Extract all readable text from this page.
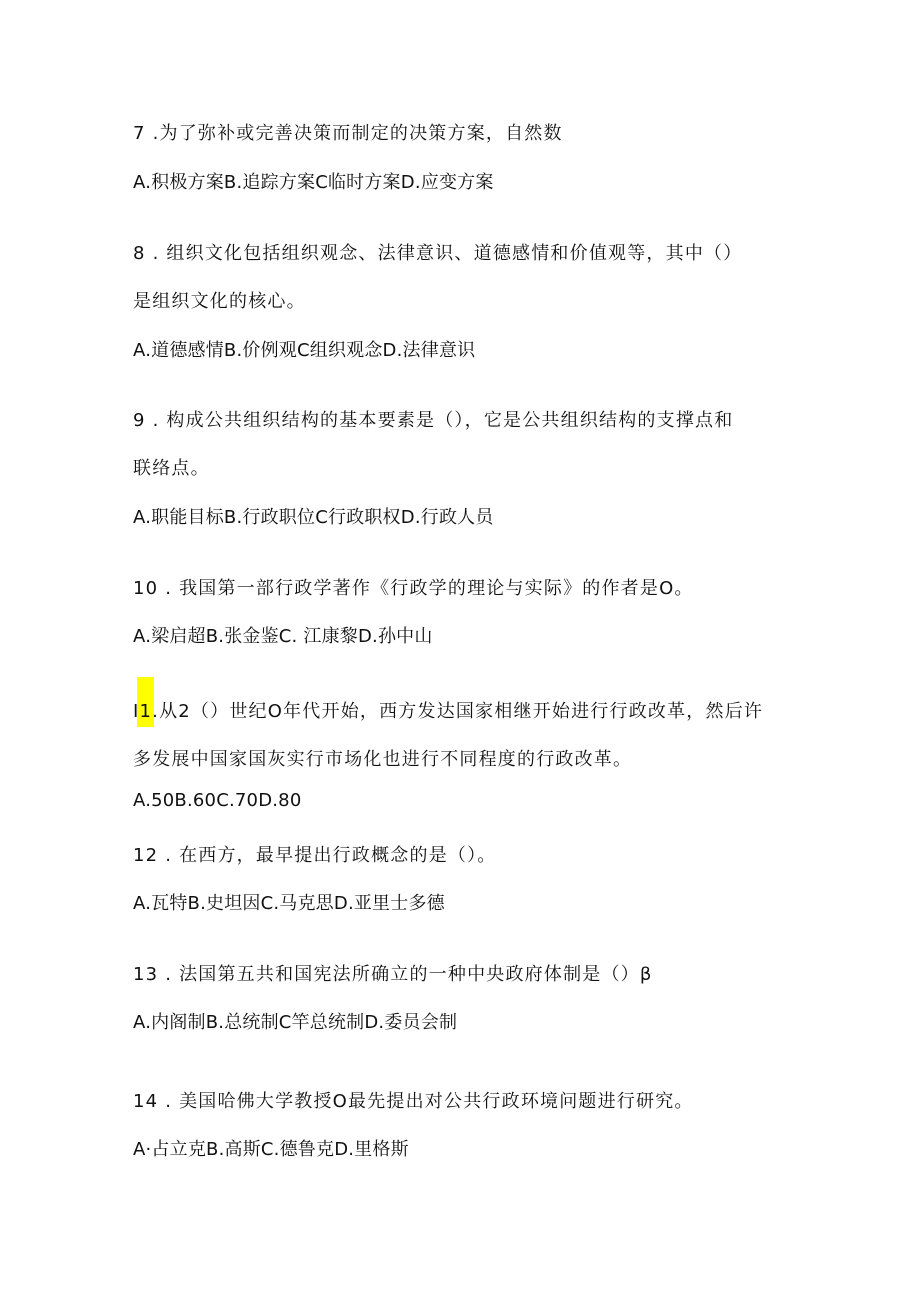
7 .为了弥补或完善决策而制定的决策方案，自然数
A.积极方案B.追踪方案C临时方案D.应变方案
8 . 组织文化包括组织观念、法律意识、道德感情和价值观等，其中（）
是组织文化的核心。
A.道德感情B.价例观C组织观念D.法律意识
9 . 构成公共组织结构的基本要素是（），它是公共组织结构的支撑点和
联络点。
A.职能目标B.行政职位C行政职权D.行政人员
10 . 我国第一部行政学著作《行政学的理论与实际》的作者是O。
A.梁启超B.张金鉴C. 江康黎D.孙中山
I1.从2（）世纪O年代开始，西方发达国家相继开始进行行政改革，然后许
多发展中国家国灰实行市场化也进行不同程度的行政改革。
A.50B.60C.70D.80
12 . 在西方，最早提出行政概念的是（）。
A.瓦特B.史坦因C.马克思D.亚里士多德
13 . 法国第五共和国宪法所确立的一种中央政府体制是（）β
A.内阁制B.总统制C竿总统制D.委员会制
14 . 美国哈佛大学教授O最先提出对公共行政环境问题进行研究。
A·占立克B.高斯C.德鲁克D.里格斯
